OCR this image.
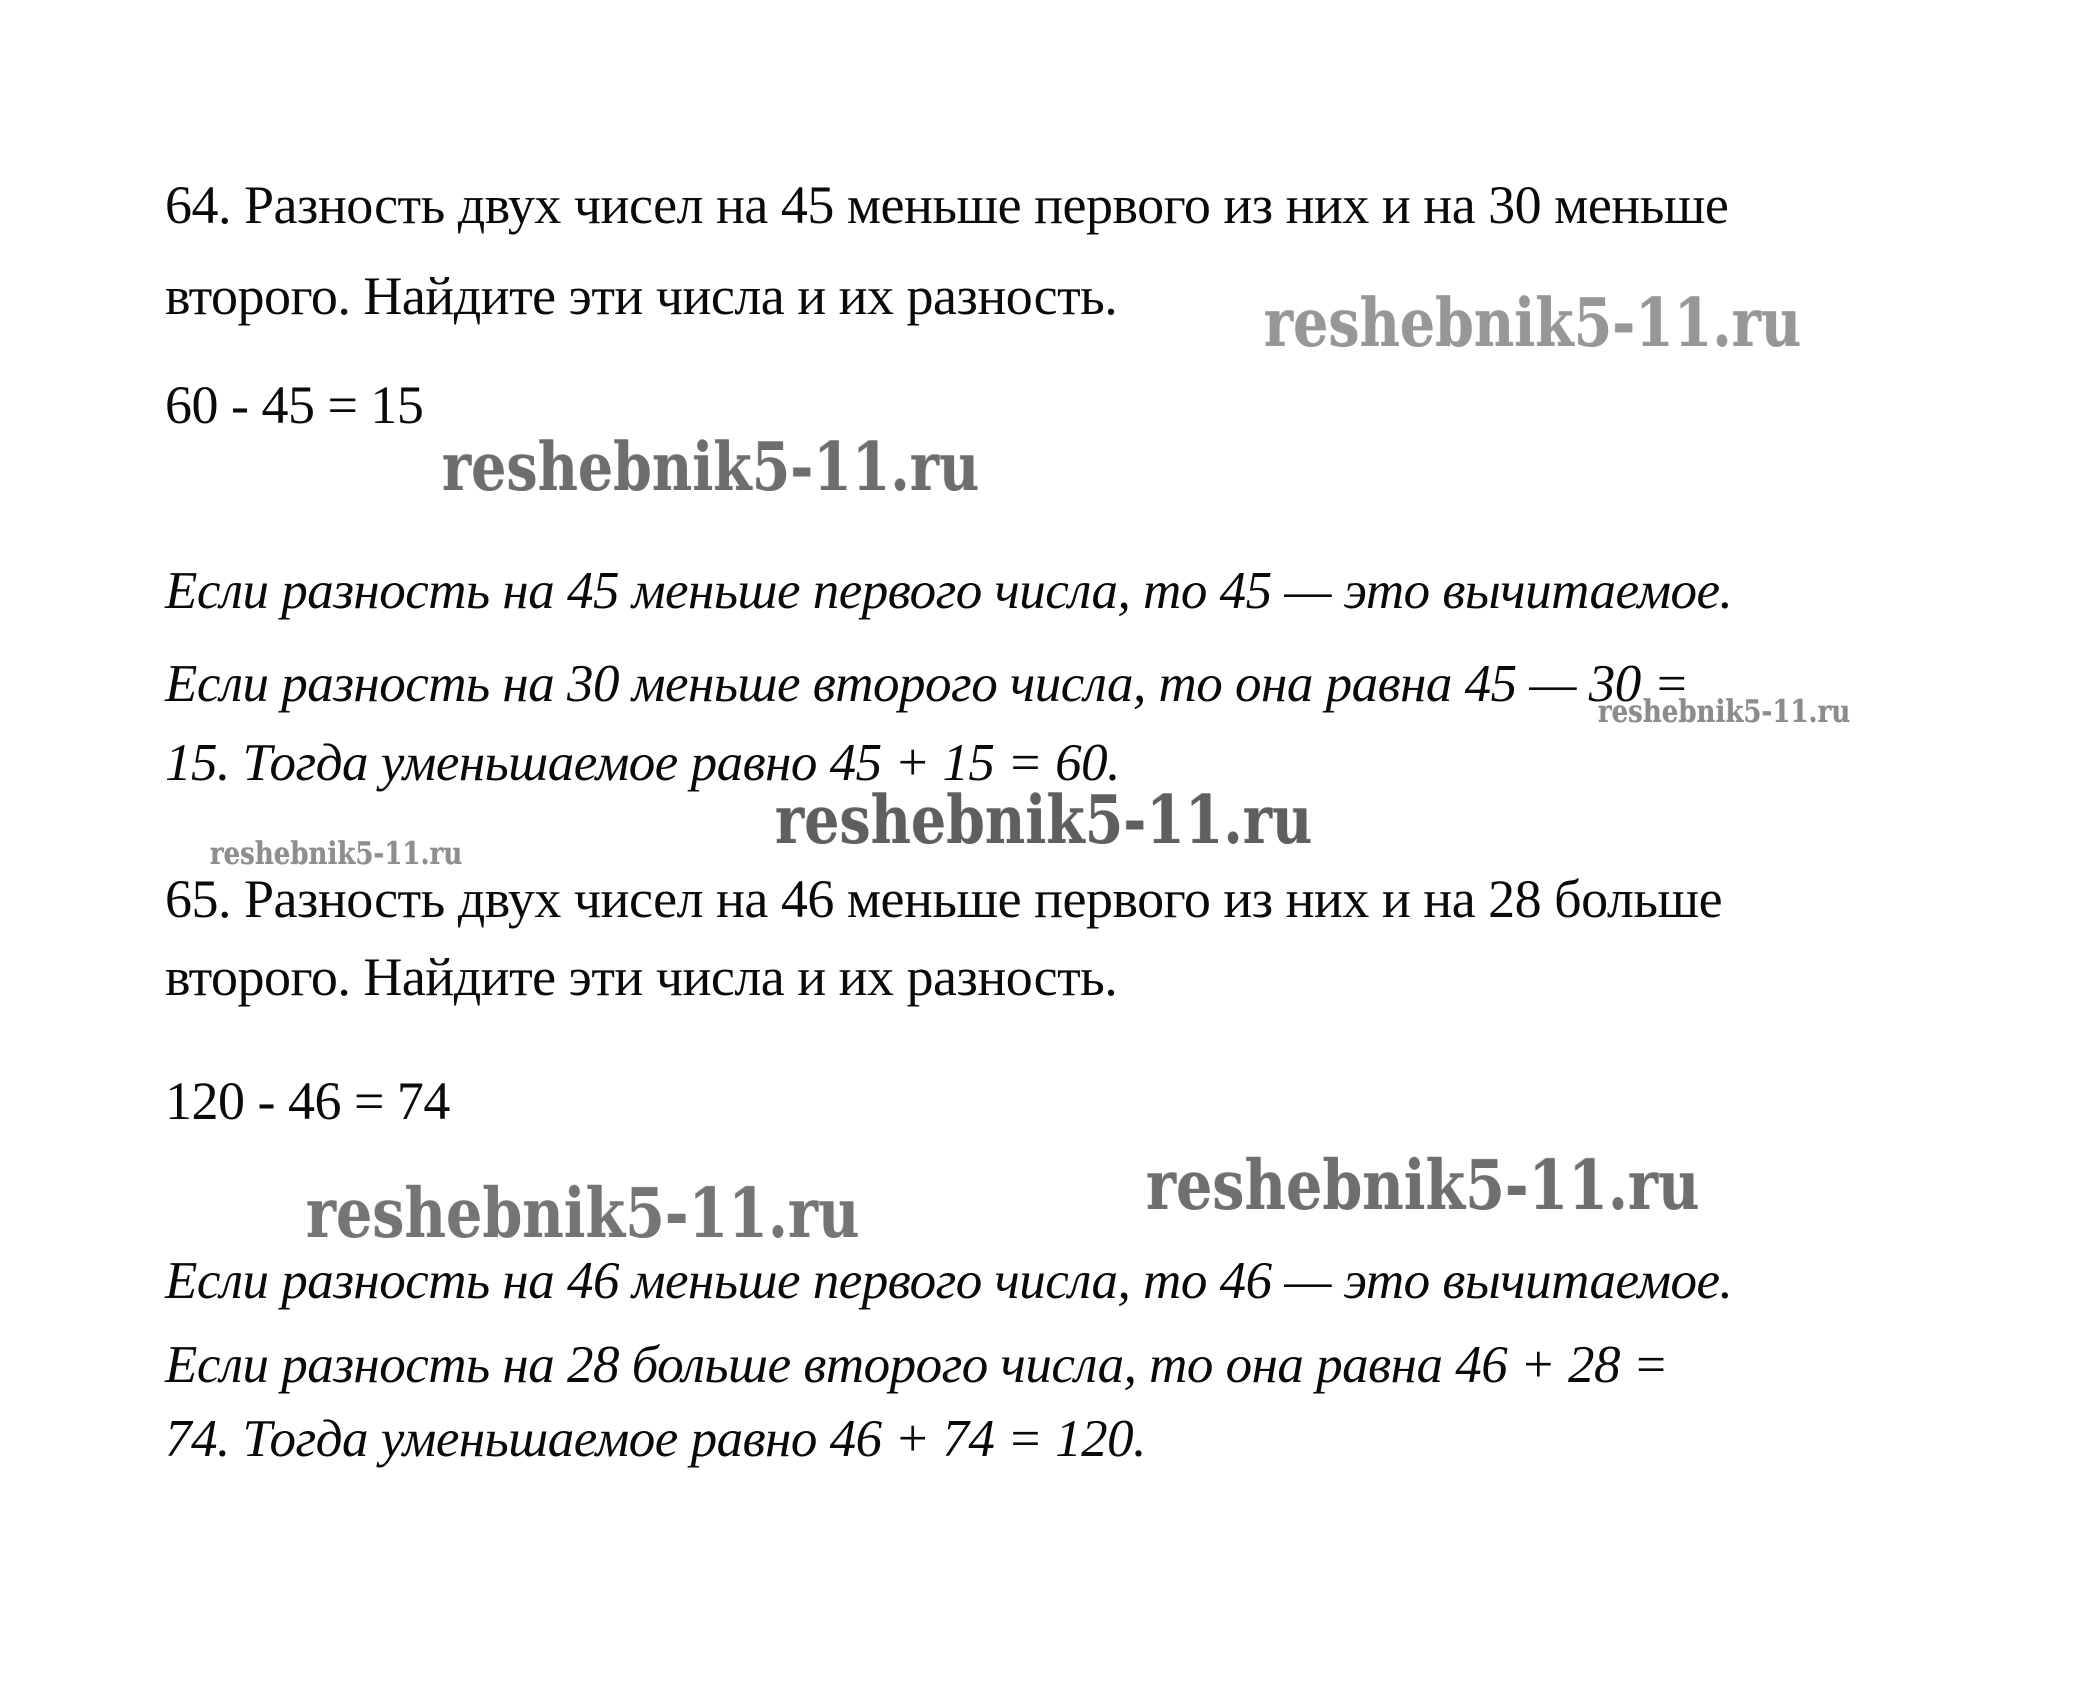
64. Разность двух чисел на 45 меньше первого из них и на 30 меньше
второго. Найдите эти числа и их разность. reshebnik5-11.ru
60 - 45 = 15
reshebnik5-11.ru
Если разность на 45 меньше первого числа, то 45 — это вычитаемое.
Если разность на 30 меньше второго числа, то она равна 45 — 30 =
reshebnik5-11.ru
15. Тогда уменьшаемое равно 45 + 15 = 60.
reshebnik5-11.ru
reshebnik5-11.ru
65. Разность двух чисел на 46 меньше первого из них и на 28 больше
второго. Найдите эти числа и их разность.
120 - 46 = 74
reshebnik5-11.ru	reshebnik5-11.ru
Если разность на 46 меньше первого числа, то 46 — это вычитаемое.
Если разность на 28 больше второго числа, то она равна 46 + 28 =
74. Тогда уменьшаемое равно 46 + 74 = 120.
